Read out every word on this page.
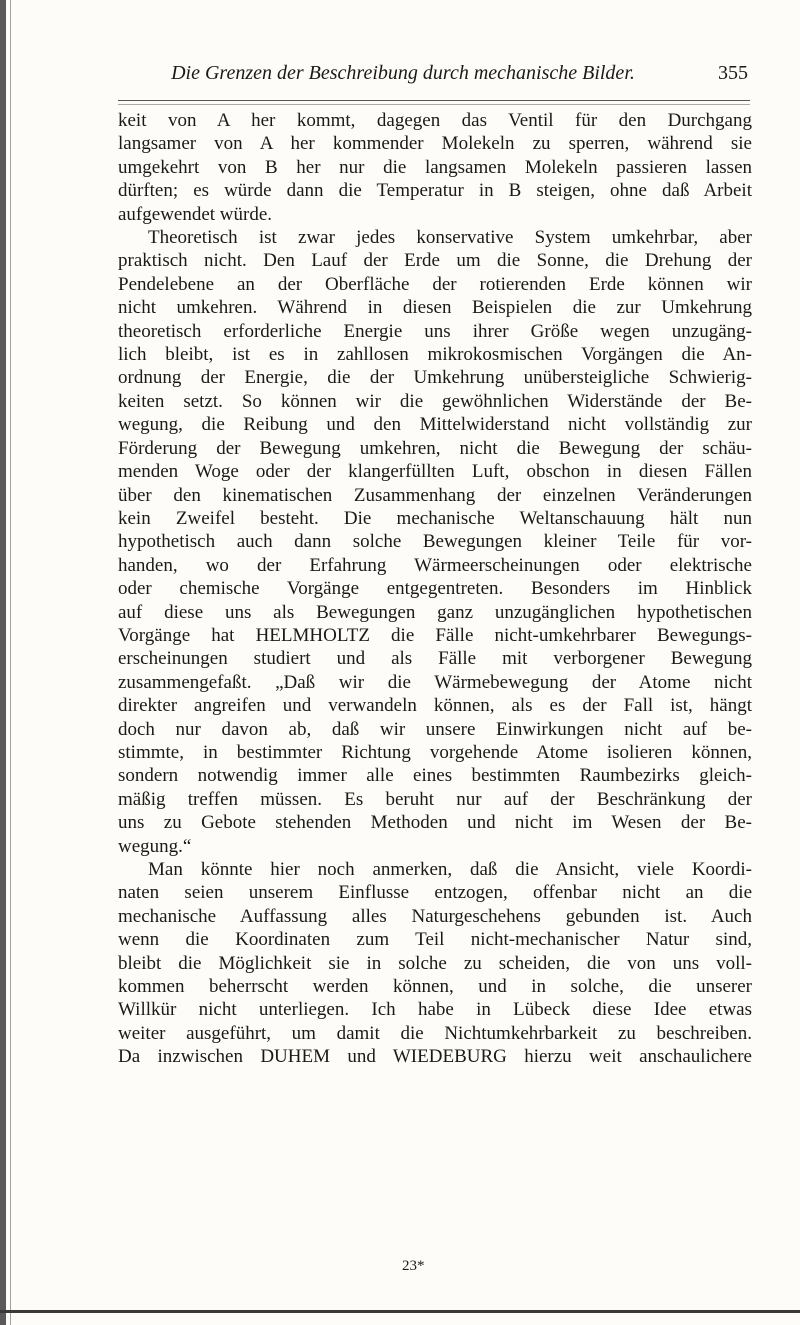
Die Grenzen der Beschreibung durch mechanische Bilder.	355
keit von A her kommt, dagegen das Ventil für den Durchgang
langsamer von A her kommender Molekeln zu sperren, während sie
umgekehrt von B her nur die langsamen Molekeln passieren lassen
dürften; es würde dann die Temperatur in B steigen, ohne daß Arbeit
aufgewendet würde.
Theoretisch ist zwar jedes konservative System umkehrbar, aber
praktisch nicht. Den Lauf der Erde um die Sonne, die Drehung der
Pendelebene an der Oberfläche der rotierenden Erde können wir
nicht umkehren. Während in diesen Beispielen die zur Umkehrung
theoretisch erforderliche Energie uns ihrer Größe wegen unzugäng-
lich bleibt, ist es in zahllosen mikrokosmischen Vorgängen die An-
ordnung der Energie, die der Umkehrung unübersteigliche Schwierig-
keiten setzt. So können wir die gewöhnlichen Widerstände der Be-
wegung, die Reibung und den Mittelwiderstand nicht vollständig zur
Förderung der Bewegung umkehren, nicht die Bewegung der schäu-
menden Woge oder der klangerfüllten Luft, obschon in diesen Fällen
über den kinematischen Zusammenhang der einzelnen Veränderungen
kein Zweifel besteht. Die mechanische Weltanschauung hält nun
hypothetisch auch dann solche Bewegungen kleiner Teile für vor-
handen, wo der Erfahrung Wärmeerscheinungen oder elektrische
oder chemische Vorgänge entgegentreten. Besonders im Hinblick
auf diese uns als Bewegungen ganz unzugänglichen hypothetischen
Vorgänge hat HELMHOLTZ die Fälle nicht-umkehrbarer Bewegungs-
erscheinungen studiert und als Fälle mit verborgener Bewegung
zusammengefaßt. „Daß wir die Wärmebewegung der Atome nicht
direkter angreifen und verwandeln können, als es der Fall ist, hängt
doch nur davon ab, daß wir unsere Einwirkungen nicht auf be-
stimmte, in bestimmter Richtung vorgehende Atome isolieren können,
sondern notwendig immer alle eines bestimmten Raumbezirks gleich-
mäßig treffen müssen. Es beruht nur auf der Beschränkung der
uns zu Gebote stehenden Methoden und nicht im Wesen der Be-
wegung.“
Man könnte hier noch anmerken, daß die Ansicht, viele Koordi-
naten seien unserem Einflusse entzogen, offenbar nicht an die
mechanische Auffassung alles Naturgeschehens gebunden ist. Auch
wenn die Koordinaten zum Teil nicht-mechanischer Natur sind,
bleibt die Möglichkeit sie in solche zu scheiden, die von uns voll-
kommen beherrscht werden können, und in solche, die unserer
Willkür nicht unterliegen. Ich habe in Lübeck diese Idee etwas
weiter ausgeführt, um damit die Nichtumkehrbarkeit zu beschreiben.
Da inzwischen DUHEM und WIEDEBURG hierzu weit anschaulichere
23*
